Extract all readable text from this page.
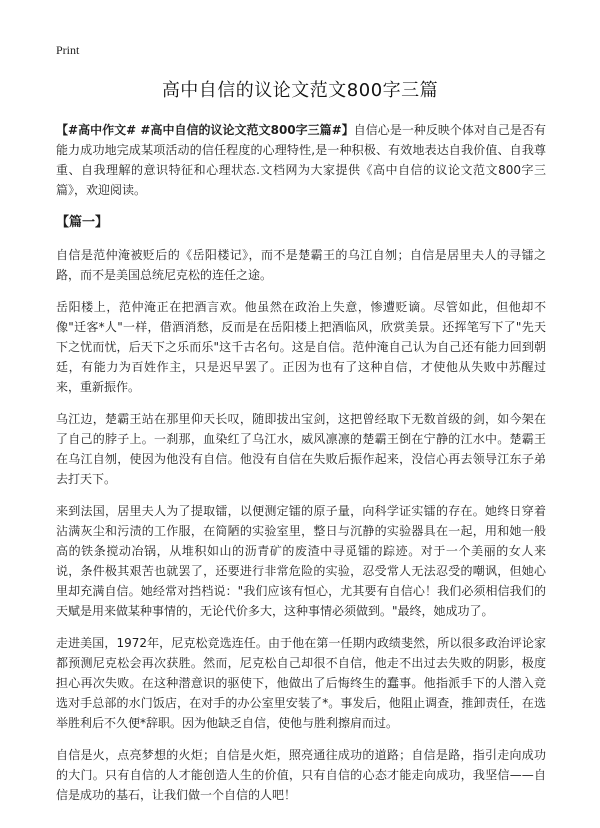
Print
高中自信的议论文范文800字三篇

【#高中作文# #高中自信的议论文范文800字三篇#】自信心是一种反映个体对自己是否有能力成功地完成某项活动的信任程度的心理特性,是一种积极、有效地表达自我价值、自我尊重、自我理解的意识特征和心理状态.文档网为大家提供《高中自信的议论文范文800字三篇》，欢迎阅读。

【篇一】

自信是范仲淹被贬后的《岳阳楼记》，而不是楚霸王的乌江自刎；自信是居里夫人的寻镭之路，而不是美国总统尼克松的连任之途。

岳阳楼上，范仲淹正在把酒言欢。他虽然在政治上失意，惨遭贬谪。尽管如此，但他却不像"迁客*人"一样，借酒消愁，反而是在岳阳楼上把酒临风，欣赏美景。还挥笔写下了"先天下之忧而忧，后天下之乐而乐"这千古名句。这是自信。范仲淹自己认为自己还有能力回到朝廷，有能力为百姓作主，只是迟早罢了。正因为也有了这种自信，才使他从失败中苏醒过来，重新振作。

乌江边，楚霸王站在那里仰天长叹，随即拔出宝剑，这把曾经取下无数首级的剑，如今架在了自己的脖子上。一刹那，血染红了乌江水，威风凛凛的楚霸王倒在宁静的江水中。楚霸王在乌江自刎，使因为他没有自信。他没有自信在失败后振作起来，没信心再去领导江东子弟去打天下。

来到法国，居里夫人为了提取镭，以便测定镭的原子量，向科学证实镭的存在。她终日穿着沾满灰尘和污渍的工作服，在简陋的实验室里，整日与沉静的实验器具在一起，用和她一般高的铁条搅动冶锅，从堆积如山的沥青矿的废渣中寻觅镭的踪迹。对于一个美丽的女人来说，条件极其艰苦也就罢了，还要进行非常危险的实验，忍受常人无法忍受的嘲讽，但她心里却充满自信。她经常对挡档说："我们应该有恒心，尤其要有自信心！我们必须相信我们的天赋是用来做某种事情的，无论代价多大，这种事情必须做到。"最终，她成功了。

走进美国，1972年，尼克松竞选连任。由于他在第一任期内政绩斐然，所以很多政治评论家都预测尼克松会再次获胜。然而，尼克松自己却很不自信，他走不出过去失败的阴影，极度担心再次失败。在这种潜意识的驱使下，他做出了后悔终生的蠢事。他指派手下的人潜入竞选对手总部的水门饭店，在对手的办公室里安装了*。事发后，他阻止调查，推卸责任，在选举胜利后不久便*辞职。因为他缺乏自信，使他与胜利擦肩而过。

自信是火，点亮梦想的火炬；自信是火炬，照亮通往成功的道路；自信是路，指引走向成功的大门。只有自信的人才能创造人生的价值，只有自信的心态才能走向成功，我坚信——自信是成功的基石，让我们做一个自信的人吧！
